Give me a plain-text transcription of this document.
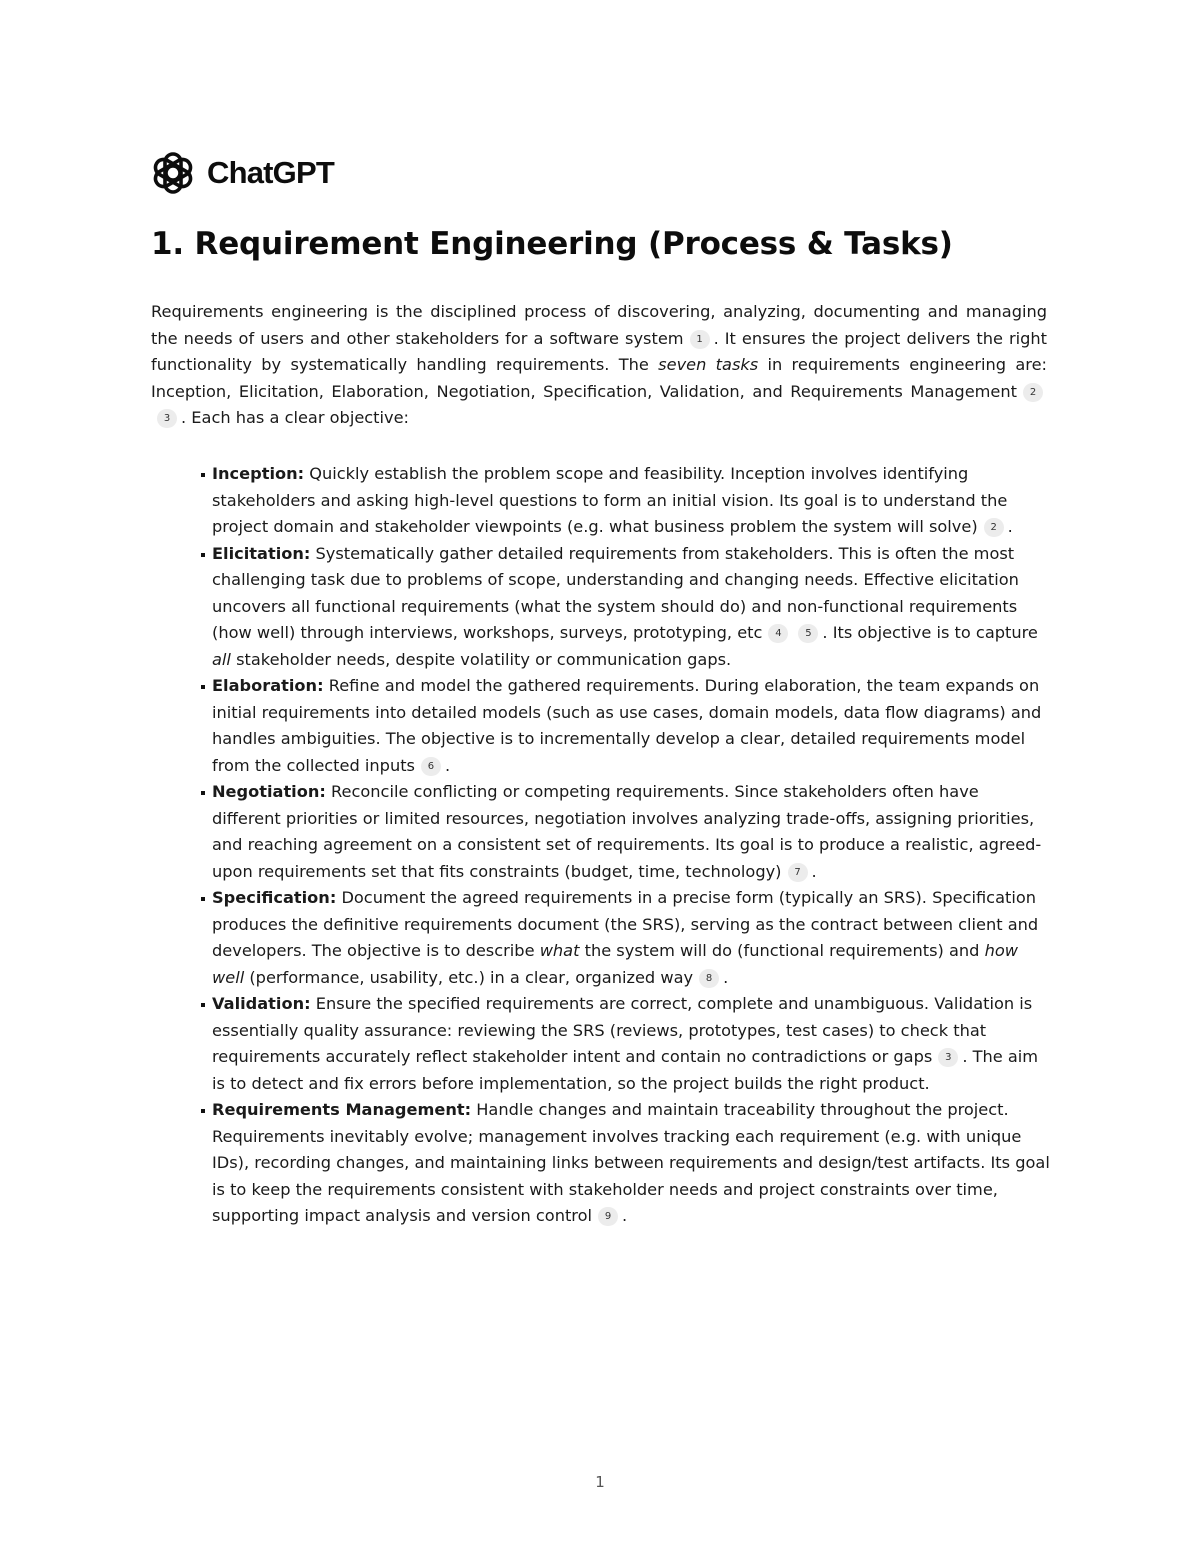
ChatGPT
1. Requirement Engineering (Process & Tasks)

Requirements engineering is the disciplined process of discovering, analyzing, documenting and managing the needs of users and other stakeholders for a software system 1 . It ensures the project delivers the right functionality by systematically handling requirements. The seven tasks in requirements engineering are: Inception, Elicitation, Elaboration, Negotiation, Specification, Validation, and Requirements Management 23 . Each has a clear objective:

Inception: Quickly establish the problem scope and feasibility. Inception involves identifying stakeholders and asking high-level questions to form an initial vision. Its goal is to understand the project domain and stakeholder viewpoints (e.g. what business problem the system will solve) 2 .
Elicitation: Systematically gather detailed requirements from stakeholders. This is often the most challenging task due to problems of scope, understanding and changing needs. Effective elicitation uncovers all functional requirements (what the system should do) and non-functional requirements (how well) through interviews, workshops, surveys, prototyping, etc 4 5 . Its objective is to capture all stakeholder needs, despite volatility or communication gaps.
Elaboration: Refine and model the gathered requirements. During elaboration, the team expands on initial requirements into detailed models (such as use cases, domain models, data flow diagrams) and handles ambiguities. The objective is to incrementally develop a clear, detailed requirements model from the collected inputs 6 .
Negotiation: Reconcile conflicting or competing requirements. Since stakeholders often have different priorities or limited resources, negotiation involves analyzing trade-offs, assigning priorities, and reaching agreement on a consistent set of requirements. Its goal is to produce a realistic, agreed-upon requirements set that fits constraints (budget, time, technology) 7 .
Specification: Document the agreed requirements in a precise form (typically an SRS). Specification produces the definitive requirements document (the SRS), serving as the contract between client and developers. The objective is to describe what the system will do (functional requirements) and how well (performance, usability, etc.) in a clear, organized way 8 .
Validation: Ensure the specified requirements are correct, complete and unambiguous. Validation is essentially quality assurance: reviewing the SRS (reviews, prototypes, test cases) to check that requirements accurately reflect stakeholder intent and contain no contradictions or gaps 3 . The aim is to detect and fix errors before implementation, so the project builds the right product.
Requirements Management: Handle changes and maintain traceability throughout the project. Requirements inevitably evolve; management involves tracking each requirement (e.g. with unique IDs), recording changes, and maintaining links between requirements and design/test artifacts. Its goal is to keep the requirements consistent with stakeholder needs and project constraints over time, supporting impact analysis and version control 9 .
1
